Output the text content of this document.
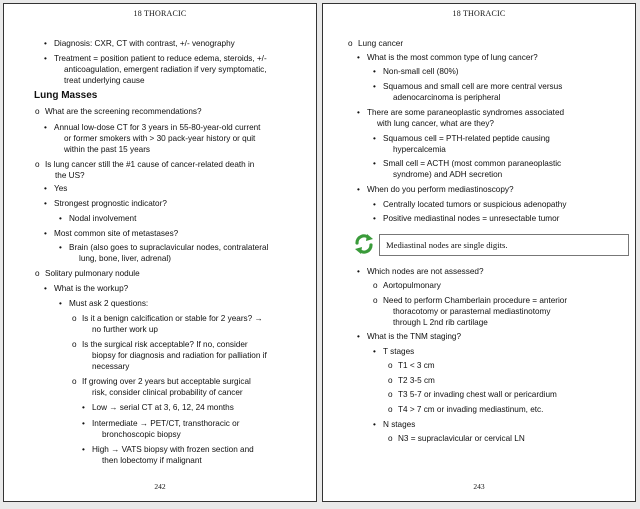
18 THORACIC
Lung Masses
• Diagnosis: CXR, CT with contrast, +/- venography
• Treatment = position patient to reduce edema, steroids, +/-
anticoagulation, emergent radiation if very symptomatic,
treat underlying cause
o What are the screening recommendations?
• Annual low-dose CT for 3 years in 55-80-year-old current
or former smokers with > 30 pack-year history or quit
within the past 15 years
o Is lung cancer still the #1 cause of cancer-related death in
the US?
• Yes
• Strongest prognostic indicator?
• Nodal involvement
• Most common site of metastases?
• Brain (also goes to supraclavicular nodes, contralateral
lung, bone, liver, adrenal)
o Solitary pulmonary nodule
• What is the workup?
• Must ask 2 questions:
o Is it a benign calcification or stable for 2 years? →
no further work up
o Is the surgical risk acceptable? If no, consider
biopsy for diagnosis and radiation for palliation if
necessary
o If growing over 2 years but acceptable surgical
risk, consider clinical probability of cancer
• Low → serial CT at 3, 6, 12, 24 months
• Intermediate → PET/CT, transthoracic or
bronchoscopic biopsy
• High → VATS biopsy with frozen section and
then lobectomy if malignant
242
18 THORACIC
o Lung cancer
• What is the most common type of lung cancer?
• Non-small cell (80%)
• Squamous and small cell are more central versus
adenocarcinoma is peripheral
• There are some paraneoplastic syndromes associated
with lung cancer, what are they?
• Squamous cell = PTH-related peptide causing
hypercalcemia
• Small cell = ACTH (most common paraneoplastic
syndrome) and ADH secretion
• When do you perform mediastinoscopy?
• Centrally located tumors or suspicious adenopathy
• Positive mediastinal nodes = unresectable tumor
• Which nodes are not assessed?
o Aortopulmonary
o Need to perform Chamberlain procedure = anterior
thoracotomy or parasternal mediastinotomy
through L 2nd rib cartilage
• What is the TNM staging?
• T stages
o T1 < 3 cm
o T2 3-5 cm
o T3 5-7 or invading chest wall or pericardium
o T4 > 7 cm or invading mediastinum, etc.
• N stages
o N3 = supraclavicular or cervical LN
Mediastinal nodes are single digits.
243
